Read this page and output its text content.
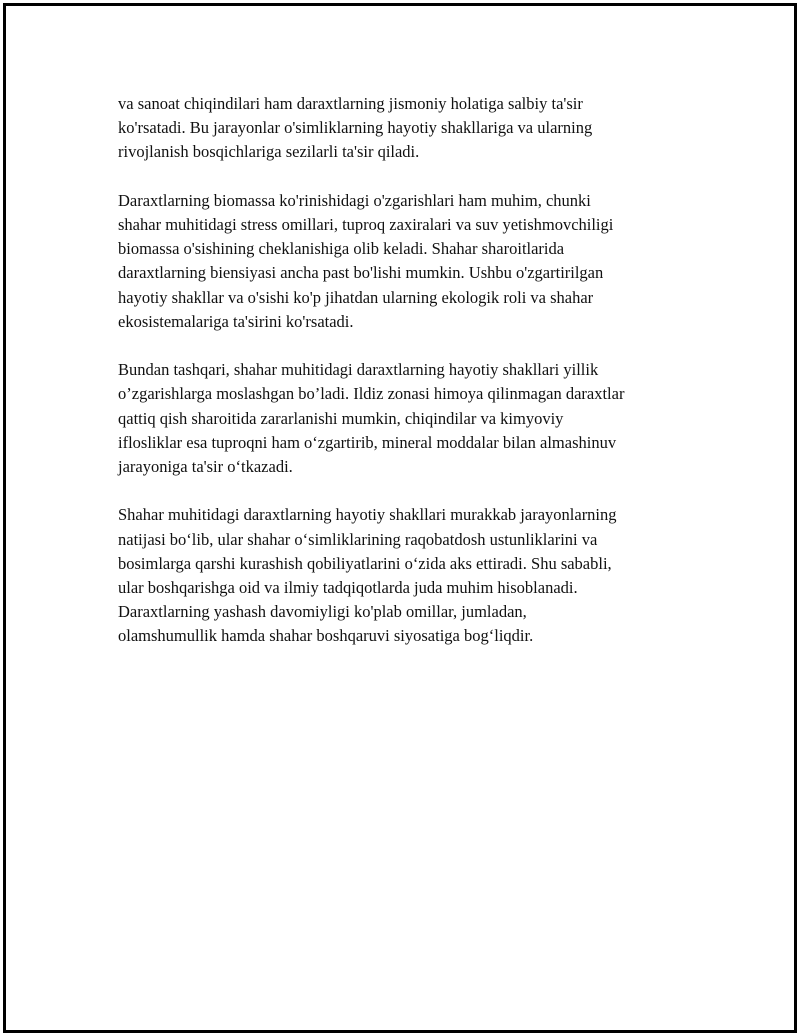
va sanoat chiqindilari ham daraxtlarning jismoniy holatiga salbiy ta'sir
ko'rsatadi. Bu jarayonlar o'simliklarning hayotiy shakllariga va ularning
rivojlanish bosqichlariga sezilarli ta'sir qiladi.

Daraxtlarning biomassa ko'rinishidagi o'zgarishlari ham muhim, chunki
shahar muhitidagi stress omillari, tuproq zaxiralari va suv yetishmovchiligi
biomassa o'sishining cheklanishiga olib keladi. Shahar sharoitlarida
daraxtlarning biensiyasi ancha past bo'lishi mumkin. Ushbu o'zgartirilgan
hayotiy shakllar va o'sishi ko'p jihatdan ularning ekologik roli va shahar
ekosistemalariga ta'sirini ko'rsatadi.

Bundan tashqari, shahar muhitidagi daraxtlarning hayotiy shakllari yillik
o’zgarishlarga moslashgan bo’ladi. Ildiz zonasi himoya qilinmagan daraxtlar
qattiq qish sharoitida zararlanishi mumkin, chiqindilar va kimyoviy
iflosliklаr esa tuproqni ham o‘zgartirib, mineral moddalar bilan almashinuv
jarayoniga ta'sir o‘tkazadi.

Shahar muhitidagi daraxtlarning hayotiy shakllari murakkab jarayonlarning
natijasi bo‘lib, ular shahar o‘simliklarining raqobatdosh ustunliklarini va
bosimlarga qarshi kurashish qobiliyatlarini o‘zida aks ettiradi. Shu sababli,
ular boshqarishga oid va ilmiy tadqiqotlarda juda muhim hisoblanadi.
Daraxtlarning yashash davomiyligi ko'plab omillar, jumladan,
olamshumullik hamda shahar boshqaruvi siyosatiga bog‘liqdir.
